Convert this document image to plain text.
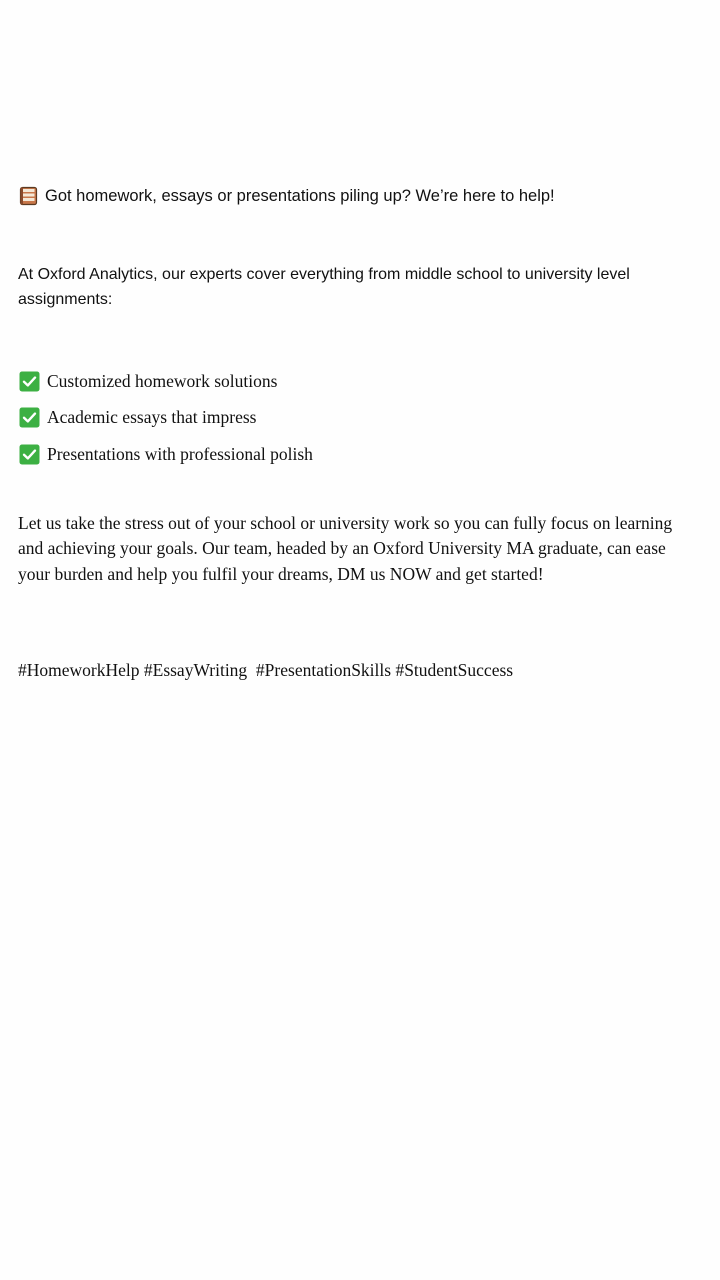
Got homework, essays or presentations piling up? We’re here to help!
At Oxford Analytics, our experts cover everything from middle school to university level assignments:
Customized homework solutions
Academic essays that impress
Presentations with professional polish
Let us take the stress out of your school or university work so you can fully focus on learning and achieving your goals. Our team, headed by an Oxford University MA graduate, can ease your burden and help you fulfil your dreams, DM us NOW and get started!
#HomeworkHelp #EssayWriting  #PresentationSkills #StudentSuccess
